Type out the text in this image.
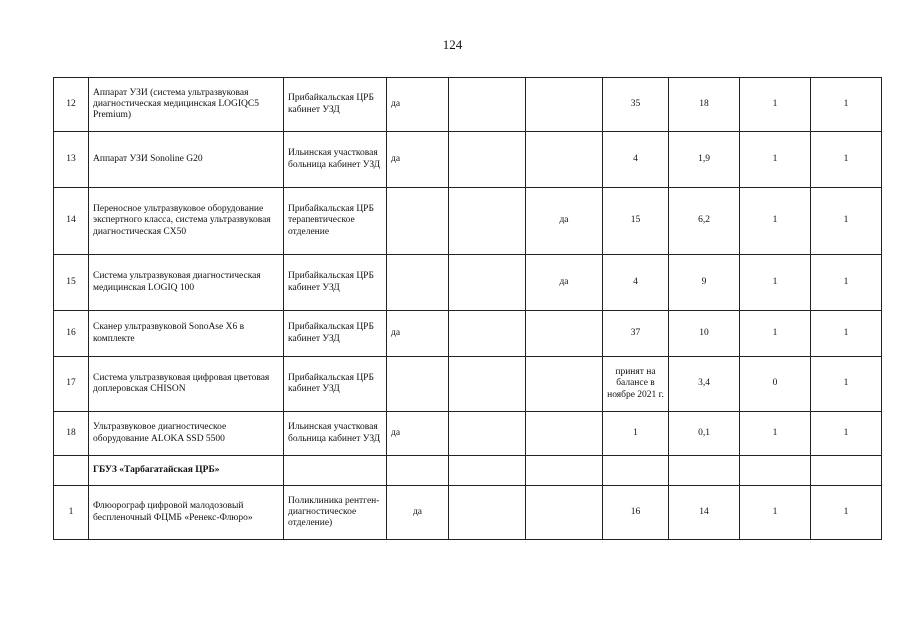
124
12	Аппарат УЗИ (система ультразвуковая диагностическая медицинская LOGIQC5 Premium)	Прибайкальская ЦРБ кабинет УЗД	да			35	18	1	1
13	Аппарат УЗИ Sonoline G20	Ильинская участковая больница кабинет УЗД	да			4	1,9	1	1
14	Переносное ультразвуковое оборудование экспертного класса, система ультразвуковая диагностическая CX50	Прибайкальская ЦРБ терапевтическое отделение			да	15	6,2	1	1
15	Система ультразвуковая диагностическая медицинская LOGIQ 100	Прибайкальская ЦРБ кабинет УЗД			да	4	9	1	1
16	Сканер ультразвуковой SonoAse X6 в комплекте	Прибайкальская ЦРБ кабинет УЗД	да			37	10	1	1
17	Система ультразвуковая цифровая цветовая доплеровская CHISON	Прибайкальская ЦРБ кабинет УЗД				принят на балансе в ноябре 2021 г.	3,4	0	1
18	Ультразвуковое диагностическое оборудование ALOKA SSD 5500	Ильинская участковая больница кабинет УЗД	да			1	0,1	1	1
	ГБУЗ «Тарбагатайская ЦРБ»								
1	Флюорограф цифровой малодозовый беспленочный ФЦМБ «Ренекс-Флюро»	Поликлиника рентген-диагностическое отделение)	да			16	14	1	1
